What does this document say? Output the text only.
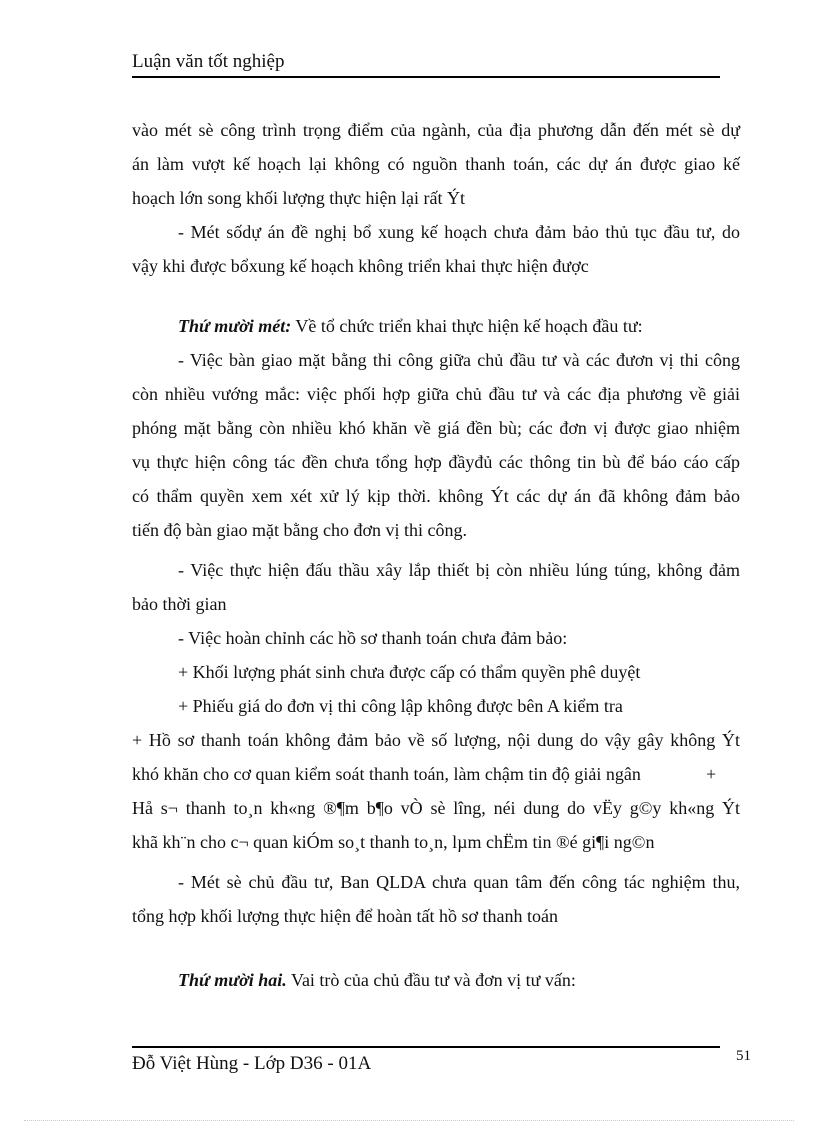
Luận văn tốt nghiệp
vào mét sè công trình trọng điểm của ngành, của địa phương dẫn đến mét sè dự
án làm vượt kế hoạch lại không có nguồn thanh toán, các dự án được giao kế
hoạch lớn song khối lượng thực hiện lại rất Ýt
- Mét sốdự án đề nghị bổ xung kế hoạch chưa đảm bảo thủ tục đầu tư, do
vậy khi được bổxung kế hoạch không triển khai thực hiện được
Thứ mười mét: Về tổ chức triển khai thực hiện kế hoạch đầu tư:
- Việc bàn giao mặt bằng thi công giữa chủ đầu tư và các đươn vị thi công
còn nhiều vướng mắc: việc phối hợp giữa chủ đầu tư và các địa phương về giải
phóng mặt bằng còn nhiều khó khăn về giá đền bù; các đơn vị được giao nhiệm
vụ thực hiện công tác đền chưa tổng hợp đầyđủ các thông tin bù để báo cáo cấp
có thẩm quyền xem xét xử lý kịp thời. không Ýt các dự án đã không đảm bảo
tiến độ bàn giao mặt bằng cho đơn vị thi công.
- Việc thực hiện đấu thầu xây lắp thiết bị còn nhiều lúng túng, không đảm
bảo thời gian
- Việc hoàn chỉnh các hồ sơ thanh toán chưa đảm bảo:
+ Khối lượng phát sinh chưa được cấp có thẩm quyền phê duyệt
+ Phiếu giá do đơn vị thi công lập không được bên A kiểm tra
+ Hồ sơ thanh toán không đảm bảo về số lượng, nội dung do vậy gây không Ýt
khó khăn cho cơ quan kiểm soát thanh toán, làm chậm tin độ giải ngân	+
Hå s¬ thanh to¸n kh«ng ®¶m b¶o vÒ sè lîng, néi dung do vËy g©y kh«ng Ýt
khã kh¨n cho c¬ quan kiÓm so¸t thanh to¸n, lµm chËm tin ®é gi¶i ng©n
- Mét sè chủ đầu tư, Ban QLDA chưa quan tâm đến công tác nghiệm thu,
tổng hợp khối lượng thực hiện để hoàn tất hồ sơ thanh toán
Thứ mười hai. Vai trò của chủ đầu tư và đơn vị tư vấn:
Đỗ Việt Hùng - Lớp D36 - 01A	51
